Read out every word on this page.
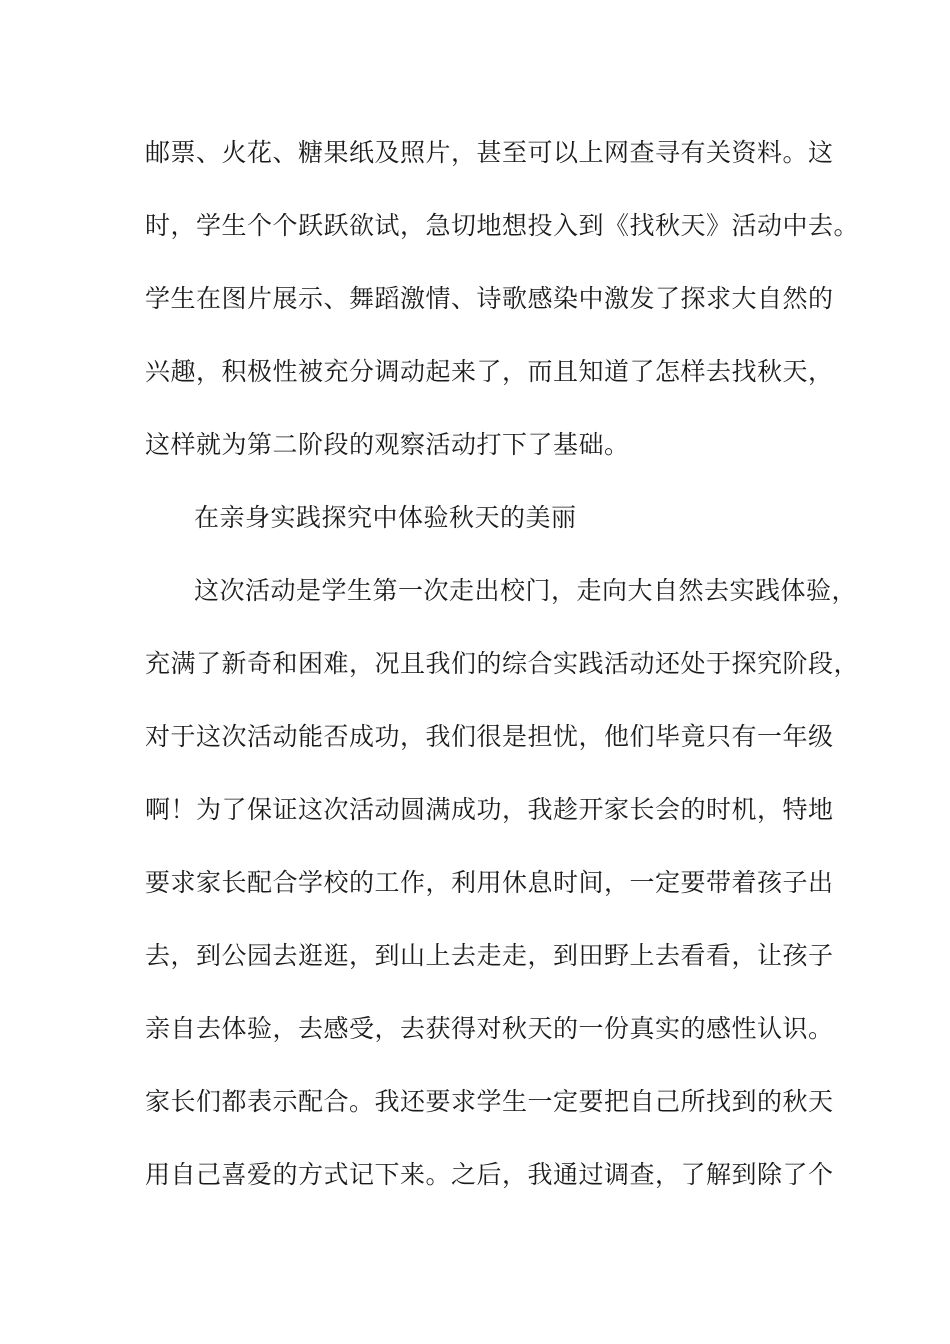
邮票、火花、糖果纸及照片，甚至可以上网查寻有关资料。这
时，学生个个跃跃欲试，急切地想投入到《找秋天》活动中去。
学生在图片展示、舞蹈激情、诗歌感染中激发了探求大自然的
兴趣，积极性被充分调动起来了，而且知道了怎样去找秋天，
这样就为第二阶段的观察活动打下了基础。
在亲身实践探究中体验秋天的美丽
这次活动是学生第一次走出校门，走向大自然去实践体验，
充满了新奇和困难，况且我们的综合实践活动还处于探究阶段，
对于这次活动能否成功，我们很是担忧，他们毕竟只有一年级
啊！为了保证这次活动圆满成功，我趁开家长会的时机，特地
要求家长配合学校的工作，利用休息时间，一定要带着孩子出
去，到公园去逛逛，到山上去走走，到田野上去看看，让孩子
亲自去体验，去感受，去获得对秋天的一份真实的感性认识。
家长们都表示配合。我还要求学生一定要把自己所找到的秋天
用自己喜爱的方式记下来。之后，我通过调查，了解到除了个
